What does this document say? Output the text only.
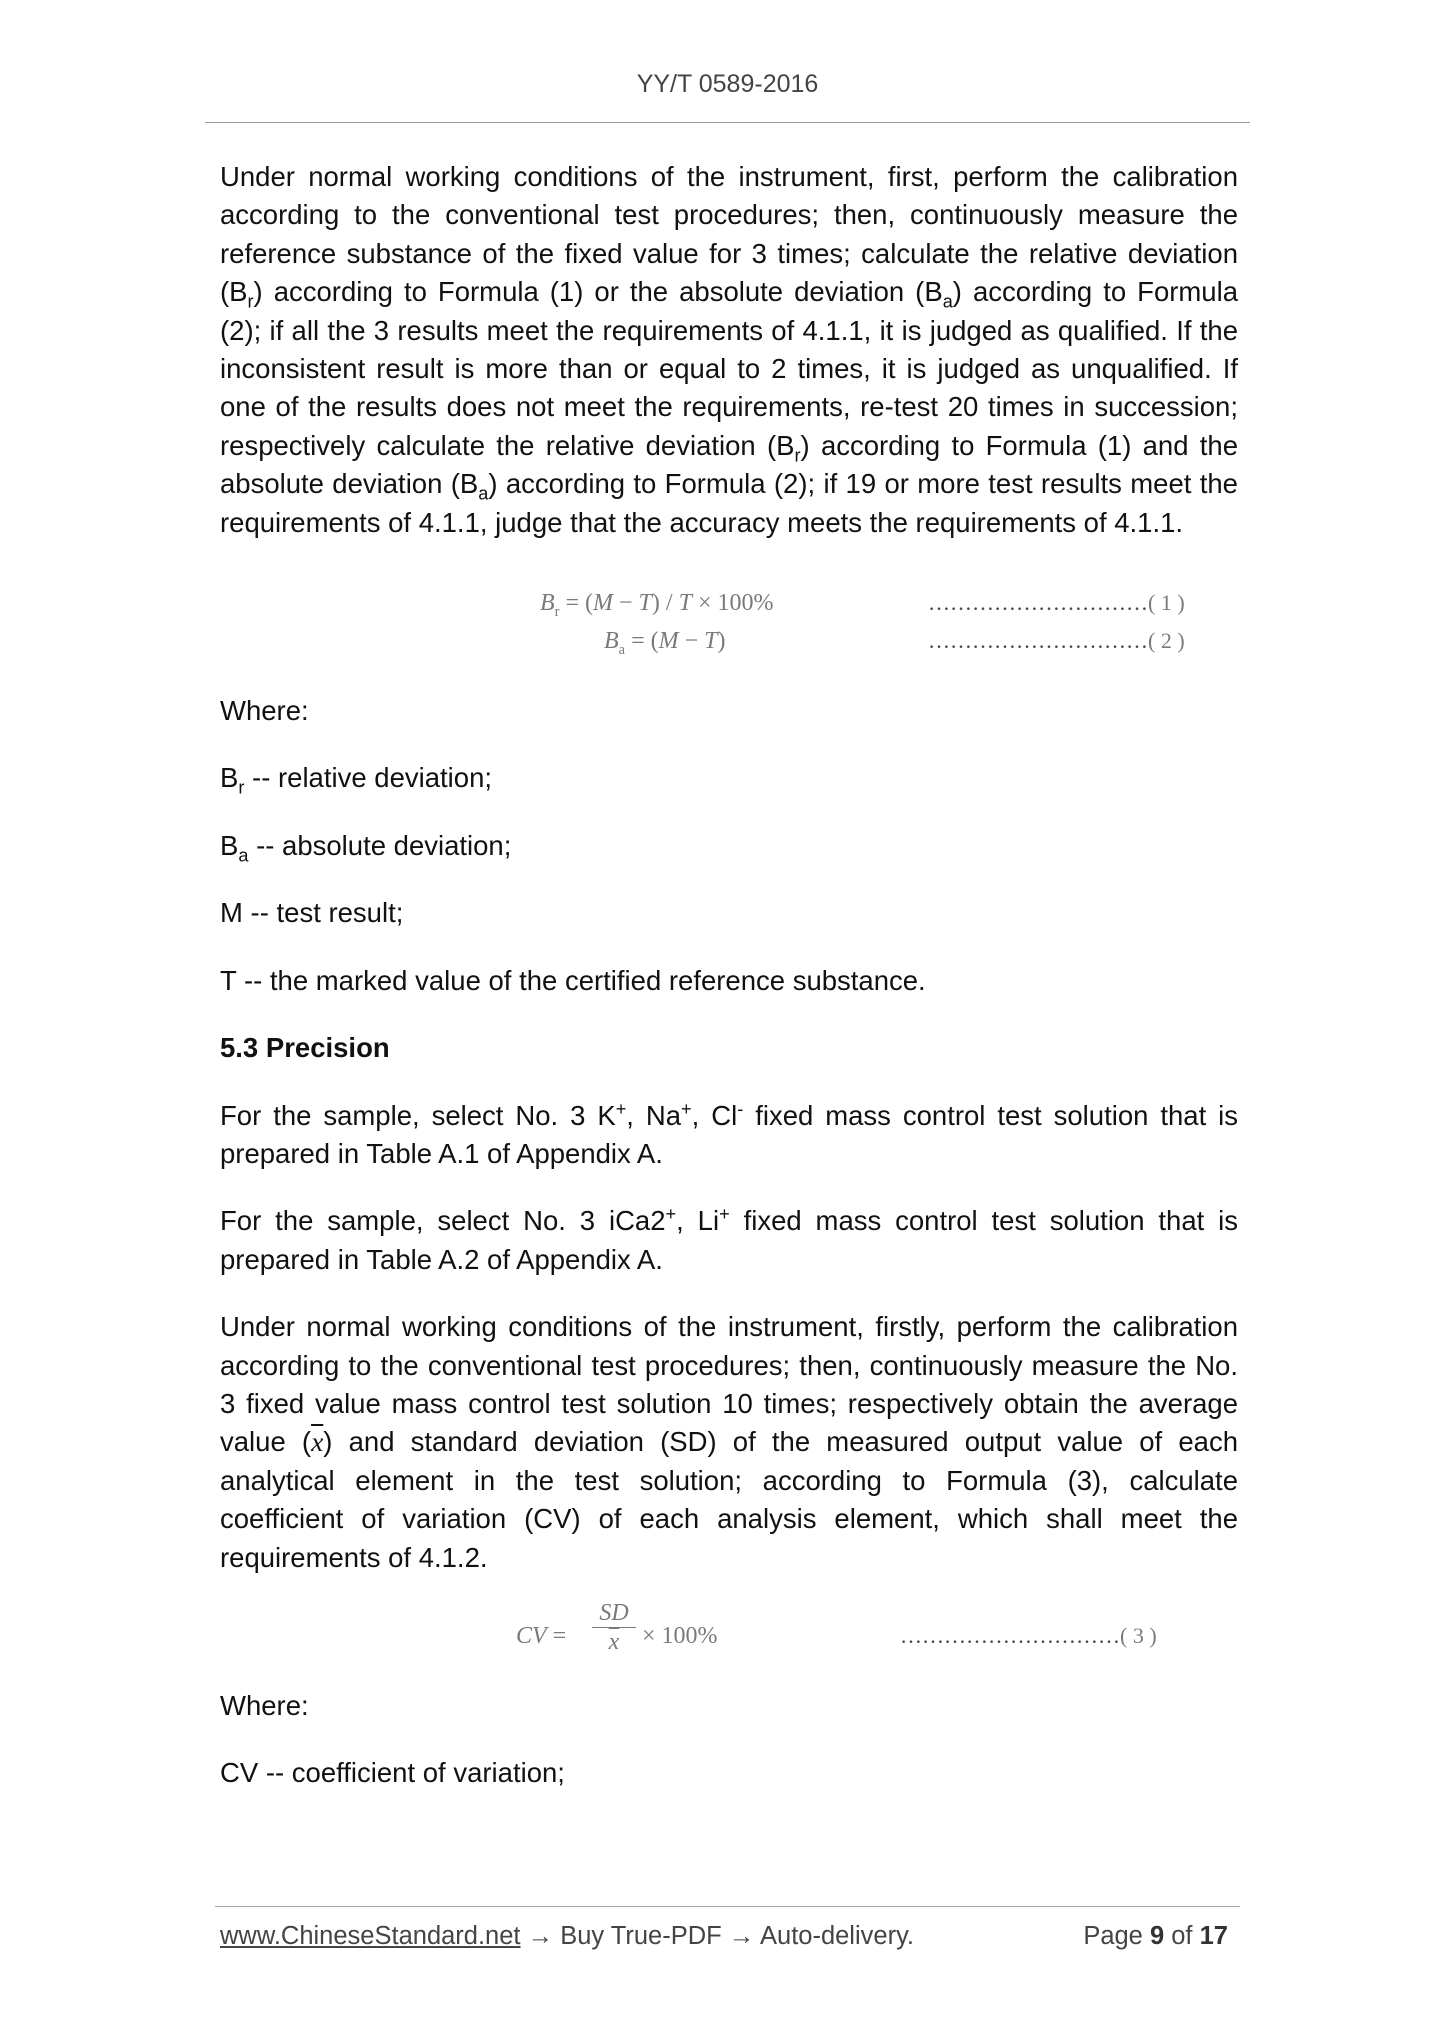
YY/T 0589-2016

Under normal working conditions of the instrument, first, perform the calibration according to the conventional test procedures; then, continuously measure the reference substance of the fixed value for 3 times; calculate the relative deviation $(B_r)$ according to Formula (1) or the absolute deviation $(B_a)$ according to Formula (2); if all the 3 results meet the requirements of 4.1.1, it is judged as qualified. If the inconsistent result is more than or equal to 2 times, it is judged as unqualified. If one of the results does not meet the requirements, re-test 20 times in succession; respectively calculate the relative deviation $(B_r)$ according to Formula (1) and the absolute deviation $(B_a)$ according to Formula (2); if 19 or more test results meet the requirements of 4.1.1, judge that the accuracy meets the requirements of 4.1.1.

$B_r = (M - T) / T \times 100\%$	…………………………( 1 )
$B_a = (M - T)$	…………………………( 2 )

Where:

$B_r$ -- relative deviation;

$B_a$ -- absolute deviation;

M -- test result;

T -- the marked value of the certified reference substance.

5.3 Precision

For the sample, select No. 3 K+, Na+, Cl- fixed mass control test solution that is prepared in Table A.1 of Appendix A.

For the sample, select No. 3 iCa2+, Li+ fixed mass control test solution that is prepared in Table A.2 of Appendix A.

Under normal working conditions of the instrument, firstly, perform the calibration according to the conventional test procedures; then, continuously measure the No. 3 fixed value mass control test solution 10 times; respectively obtain the average value $(\overline{x})$ and standard deviation (SD) of the measured output value of each analytical element in the test solution; according to Formula (3), calculate coefficient of variation (CV) of each analysis element, which shall meet the requirements of 4.1.2.

CV = $\frac{SD}{x} \times 100\%$	…………………………( 3 )

Where:

CV -- coefficient of variation;

www.ChineseStandard.net → Buy True-PDF → Auto-delivery.	Page 9 of 17
